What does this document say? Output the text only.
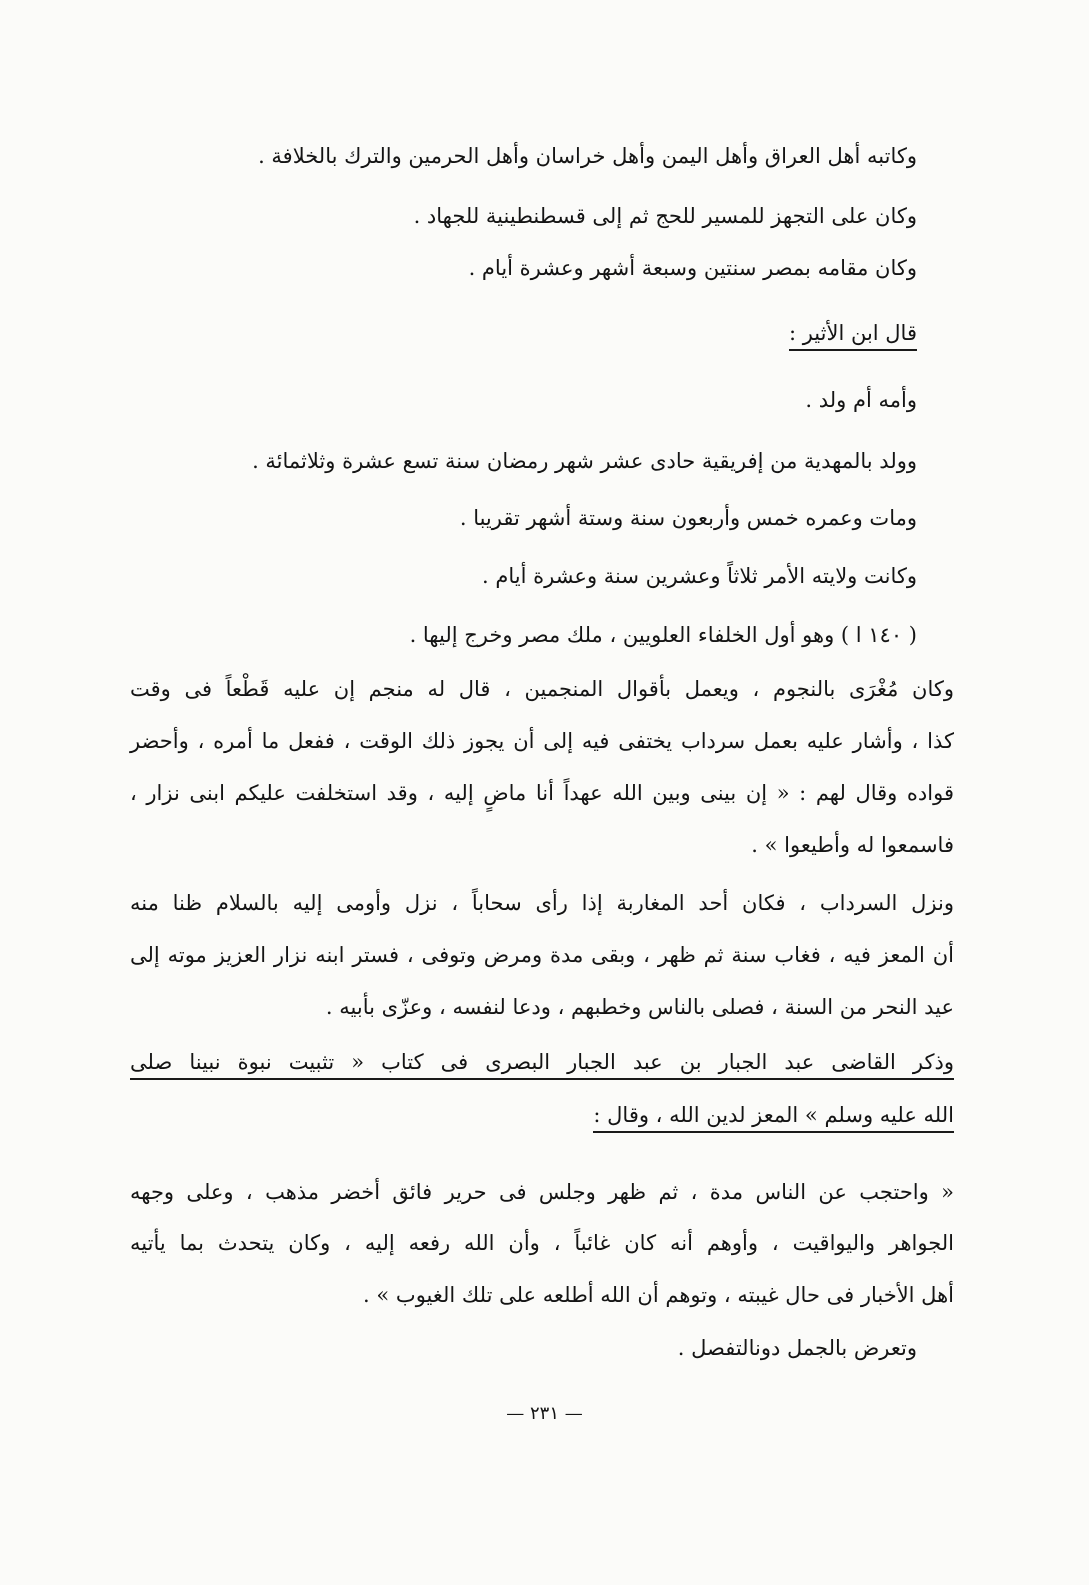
وكاتبه أهل العراق وأهل اليمن وأهل خراسان وأهل الحرمين والترك بالخلافة .

وكان على التجهز للمسير للحج ثم إلى قسطنطينية للجهاد .

وكان مقامه بمصر سنتين وسبعة أشهر وعشرة أيام .

قال ابن الأثير :

وأمه أم ولد .

وولد بالمهدية من إفريقية حادى عشر شهر رمضان سنة تسع عشرة وثلاثمائة .

ومات وعمره خمس وأربعون سنة وستة أشهر تقريبا .

وكانت ولايته الأمر ثلاثاً وعشرين سنة وعشرة أيام .

( ١٤٠ ا ) وهو أول الخلفاء العلويين ، ملك مصر وخرج إليها .

وكان مُغْرَى بالنجوم ، ويعمل بأقوال المنجمين ، قال له منجم إن عليه قَطْعاً فى وقت

كذا ، وأشار عليه بعمل سرداب يختفى فيه إلى أن يجوز ذلك الوقت ، ففعل ما أمره ، وأحضر

قواده وقال لهم : « إن بينى وبين الله عهداً أنا ماضٍ إليه ، وقد استخلفت عليكم ابنى نزار ،

فاسمعوا له وأطيعوا » .

ونزل السرداب ، فكان أحد المغاربة إذا رأى سحاباً ، نزل وأومى إليه بالسلام ظنا منه

أن المعز فيه ، فغاب سنة ثم ظهر ، وبقى مدة ومرض وتوفى ، فستر ابنه نزار العزيز موته إلى

عيد النحر من السنة ، فصلى بالناس وخطبهم ، ودعا لنفسه ، وعزّى بأبيه .

وذكر القاضى عبد الجبار بن عبد الجبار البصرى فى كتاب « تثبيت نبوة نبينا صلى

الله عليه وسلم » المعز لدين الله ، وقال :

« واحتجب عن الناس مدة ، ثم ظهر وجلس فى حرير فائق أخضر مذهب ، وعلى وجهه

الجواهر واليواقيت ، وأوهم أنه كان غائباً ، وأن الله رفعه إليه ، وكان يتحدث بما يأتيه

أهل الأخبار فى حال غيبته ، وتوهم أن الله أطلعه على تلك الغيوب » .

وتعرض بالجمل دونالتفصل .

— ٢٣١ —
